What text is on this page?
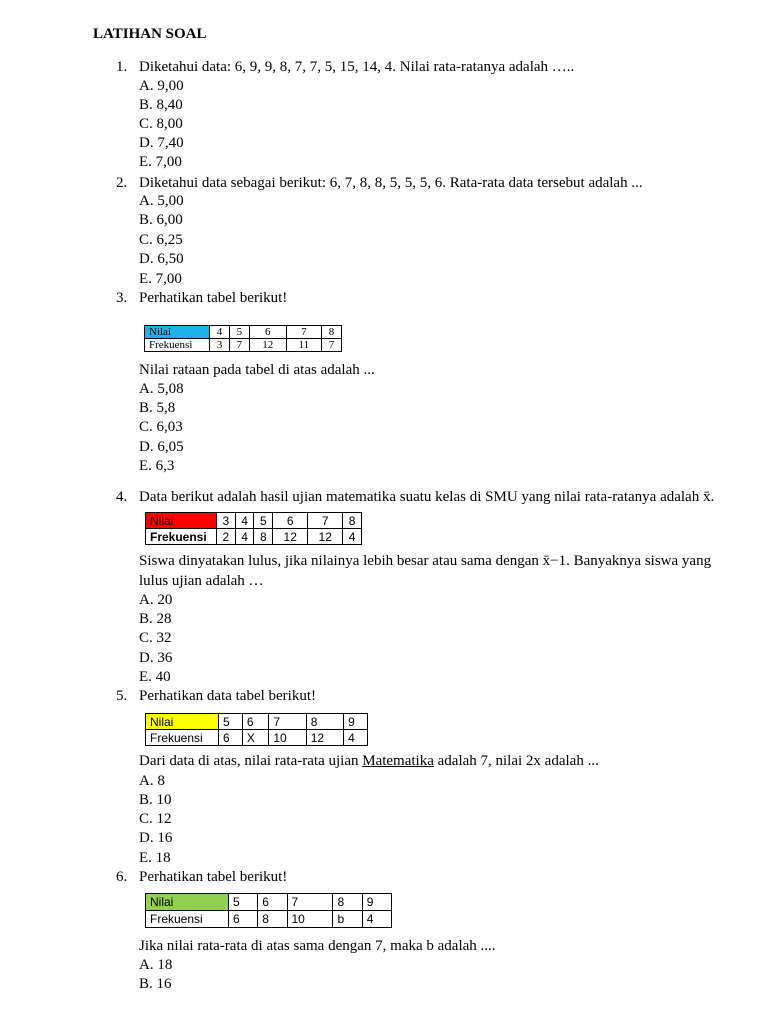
LATIHAN SOAL
1. Diketahui data: 6, 9, 9, 8, 7, 7, 5, 15, 14, 4. Nilai rata-ratanya adalah …..
A. 9,00
B. 8,40
C. 8,00
D. 7,40
E. 7,00
2. Diketahui data sebagai berikut: 6, 7, 8, 8, 5, 5, 5, 6. Rata-rata data tersebut adalah ...
A. 5,00
B. 6,00
C. 6,25
D. 6,50
E. 7,00
3. Perhatikan tabel berikut!
Nilai	4	5	6	7	8
Frekuensi	3	7	12	11	7
Nilai rataan pada tabel di atas adalah ...
A. 5,08
B. 5,8
C. 6,03
D. 6,05
E. 6,3
4. Data berikut adalah hasil ujian matematika suatu kelas di SMU yang nilai rata-ratanya adalah x̄.
Nilai	3	4	5	6	7	8
Frekuensi	2	4	8	12	12	4
Siswa dinyatakan lulus, jika nilainya lebih besar atau sama dengan x̄−1. Banyaknya siswa yang
lulus ujian adalah …
A. 20
B. 28
C. 32
D. 36
E. 40
5. Perhatikan data tabel berikut!
Nilai	5	6	7	8	9
Frekuensi	6	X	10	12	4
Dari data di atas, nilai rata-rata ujian Matematika adalah 7, nilai 2x adalah ...
A. 8
B. 10
C. 12
D. 16
E. 18
6. Perhatikan tabel berikut!
Nilai	5	6	7	8	9
Frekuensi	6	8	10	b	4
Jika nilai rata-rata di atas sama dengan 7, maka b adalah ....
A. 18
B. 16
